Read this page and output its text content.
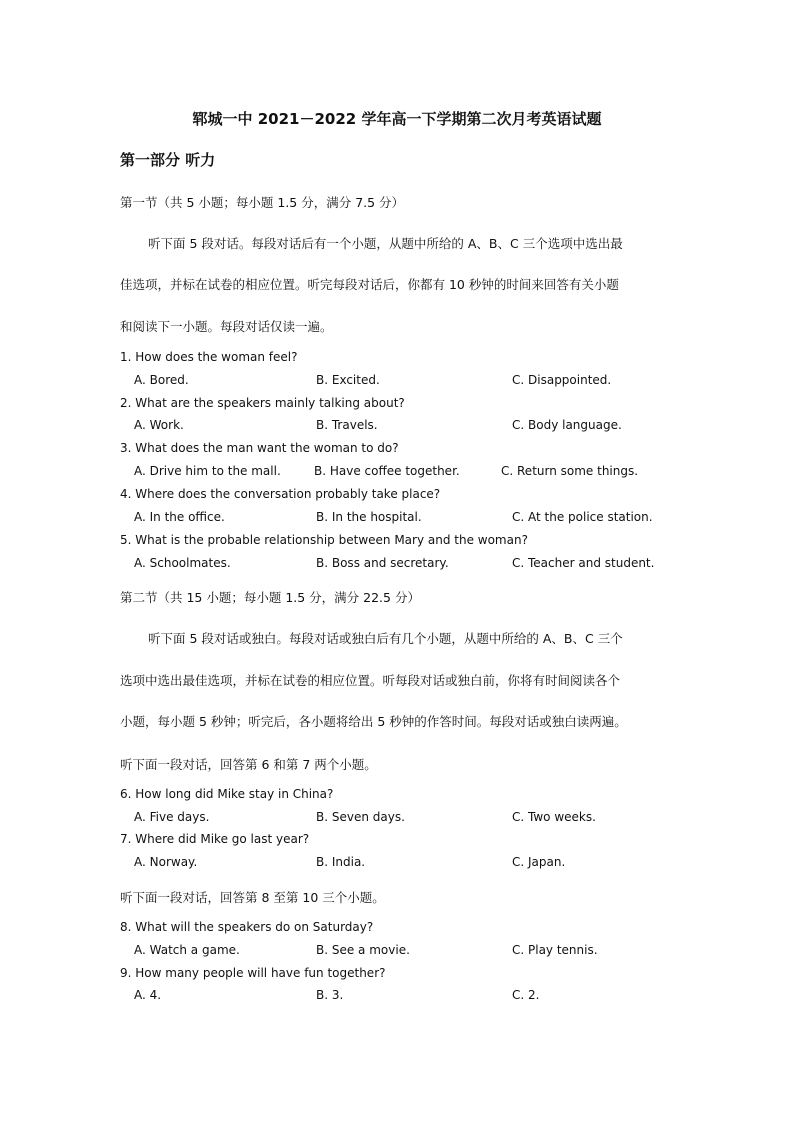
郓城一中 2021－2022 学年高一下学期第二次月考英语试题
第一部分 听力
第一节（共 5 小题；每小题 1.5 分，满分 7.5 分）
听下面 5 段对话。每段对话后有一个小题，从题中所给的 A、B、C 三个选项中选出最
佳选项，并标在试卷的相应位置。听完每段对话后，你都有 10 秒钟的时间来回答有关小题
和阅读下一小题。每段对话仅读一遍。
1. How does the woman feel?
A. Bored.	B. Excited.	C. Disappointed.
2. What are the speakers mainly talking about?
A. Work.	B. Travels.	C. Body language.
3. What does the man want the woman to do?
A. Drive him to the mall.	B. Have coffee together.	C. Return some things.
4. Where does the conversation probably take place?
A. In the office.	B. In the hospital.	C. At the police station.
5. What is the probable relationship between Mary and the woman?
A. Schoolmates.	B. Boss and secretary.	C. Teacher and student.
第二节（共 15 小题；每小题 1.5 分，满分 22.5 分）
听下面 5 段对话或独白。每段对话或独白后有几个小题，从题中所给的 A、B、C 三个
选项中选出最佳选项，并标在试卷的相应位置。听每段对话或独白前，你将有时间阅读各个
小题，每小题 5 秒钟；听完后，各小题将给出 5 秒钟的作答时间。每段对话或独白读两遍。
听下面一段对话，回答第 6 和第 7 两个小题。
6. How long did Mike stay in China?
A. Five days.	B. Seven days.	C. Two weeks.
7. Where did Mike go last year?
A. Norway.	B. India.	C. Japan.
听下面一段对话，回答第 8 至第 10 三个小题。
8. What will the speakers do on Saturday?
A. Watch a game.	B. See a movie.	C. Play tennis.
9. How many people will have fun together?
A. 4.	B. 3.	C. 2.
